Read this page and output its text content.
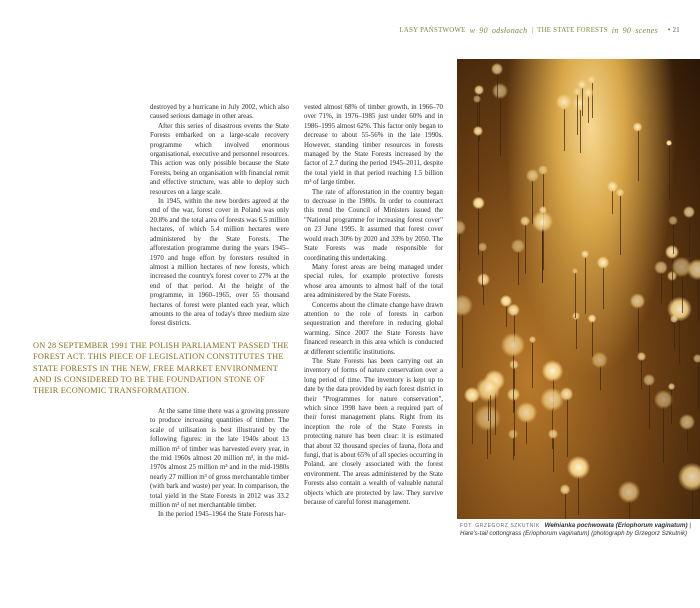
LASY PAŃSTWOWE w 90 odsłonach | THE STATE FORESTS in 90 scenes • 21

destroyed by a hurricane in July 2002, which also caused serious damage in other areas.

After this series of disastrous events the State Forests embarked on a large-scale recovery programme which involved enormous organisational, executive and personnel resources. This action was only possible because the State Forests, being an organisation with financial remit and effective structure, was able to deploy such resources on a large scale.

In 1945, within the new borders agreed at the end of the war, forest cover in Poland was only 20.8% and the total area of forests was 6.5 million hectares, of which 5.4 million hectares were administered by the State Forests. The afforestation programme during the years 1945–1970 and huge effort by foresters resulted in almost a million hectares of new forests, which increased the country's forest cover to 27% at the end of that period. At the height of the programme, in 1960–1965, over 55 thousand hectares of forest were planted each year, which amounts to the area of today's three medium size forest districts.

ON 28 SEPTEMBER 1991 THE POLISH PARLIAMENT PASSED THE FOREST ACT. THIS PIECE OF LEGISLATION CONSTITUTES THE STATE FORESTS IN THE NEW, FREE MARKET ENVIRONMENT AND IS CONSIDERED TO BE THE FOUNDATION STONE OF THEIR ECONOMIC TRANSFORMATION.

At the same time there was a growing pressure to produce increasing quantities of timber. The scale of utilisation is best illustrated by the following figures: in the late 1940s about 13 million m³ of timber was harvested every year, in the mid 1960s almost 20 million m³, in the mid-1970s almost 25 million m³ and in the mid-1980s nearly 27 million m³ of gross merchantable timber (with bark and waste) per year. In comparison, the total yield in the State Forests in 2012 was 33.2 million m³ of net merchantable timber.

In the period 1945–1964 the State Forests har-

vested almost 68% of timber growth, in 1966–70 over 71%, in 1976–1985 just under 60% and in 1986–1995 almost 62%. This factor only began to decrease to about 55-56% in the late 1990s. However, standing timber resources in forests managed by the State Forests increased by the factor of 2.7 during the period 1945–2011, despite the total yield in that period reaching 1.5 billion m³ of large timber.

The rate of afforestation in the country began to decrease in the 1980s. In order to counteract this trend the Council of Ministers issued the "National programme for increasing forest cover" on 23 June 1995. It assumed that forest cover would reach 30% by 2020 and 33% by 2050. The State Forests was made responsible for coordinating this undertaking.

Many forest areas are being managed under special rules, for example protective forests whose area amounts to almost half of the total area administered by the State Forests.

Concerns about the climate change have drawn attention to the role of forests in carbon sequestration and therefore in reducing global warming. Since 2007 the State Forests have financed research in this area which is conducted at different scientific institutions.

The State Forests has been carrying out an inventory of forms of nature conservation over a long period of time. The inventory is kept up to date by the data provided by each forest district in their "Programmes for nature conservation", which since 1998 have been a required part of their forest management plans. Right from its inception the role of the State Forests in protecting nature has been clear: it is estimated that about 32 thousand species of fauna, flora and fungi, that is about 65% of all species occurring in Poland, are closely associated with the forest environment. The areas administered by the State Forests also contain a wealth of valuable natural objects which are protected by law. They survive because of careful forest management.

FOT. GRZEGORZ SZKUTNIK Wełnianka pochwowata (Eriophorum vaginatum) | Hare's-tail cottongrass (Eriophorum vaginatum) (photograph by Grzegorz Szkutnik)
